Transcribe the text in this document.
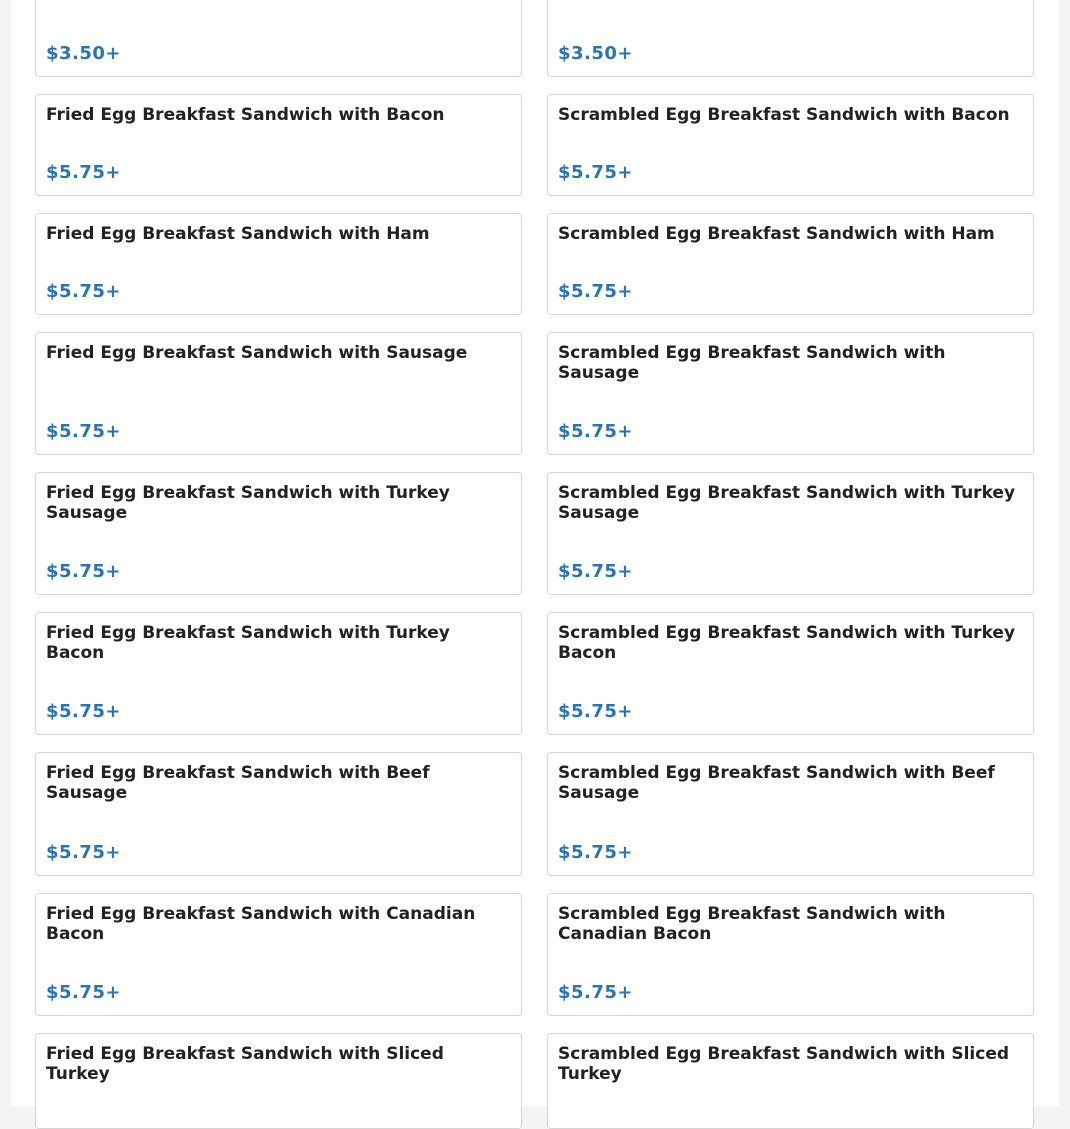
$3.50+	$3.50+
Fried Egg Breakfast Sandwich with Bacon
$5.75+
Scrambled Egg Breakfast Sandwich with Bacon
$5.75+
Fried Egg Breakfast Sandwich with Ham
$5.75+
Scrambled Egg Breakfast Sandwich with Ham
$5.75+
Fried Egg Breakfast Sandwich with Sausage
$5.75+
Scrambled Egg Breakfast Sandwich with Sausage
$5.75+
Fried Egg Breakfast Sandwich with Turkey Sausage
$5.75+
Scrambled Egg Breakfast Sandwich with Turkey Sausage
$5.75+
Fried Egg Breakfast Sandwich with Turkey Bacon
$5.75+
Scrambled Egg Breakfast Sandwich with Turkey Bacon
$5.75+
Fried Egg Breakfast Sandwich with Beef Sausage
$5.75+
Scrambled Egg Breakfast Sandwich with Beef Sausage
$5.75+
Fried Egg Breakfast Sandwich with Canadian Bacon
$5.75+
Scrambled Egg Breakfast Sandwich with Canadian Bacon
$5.75+
Fried Egg Breakfast Sandwich with Sliced Turkey
Scrambled Egg Breakfast Sandwich with Sliced Turkey
